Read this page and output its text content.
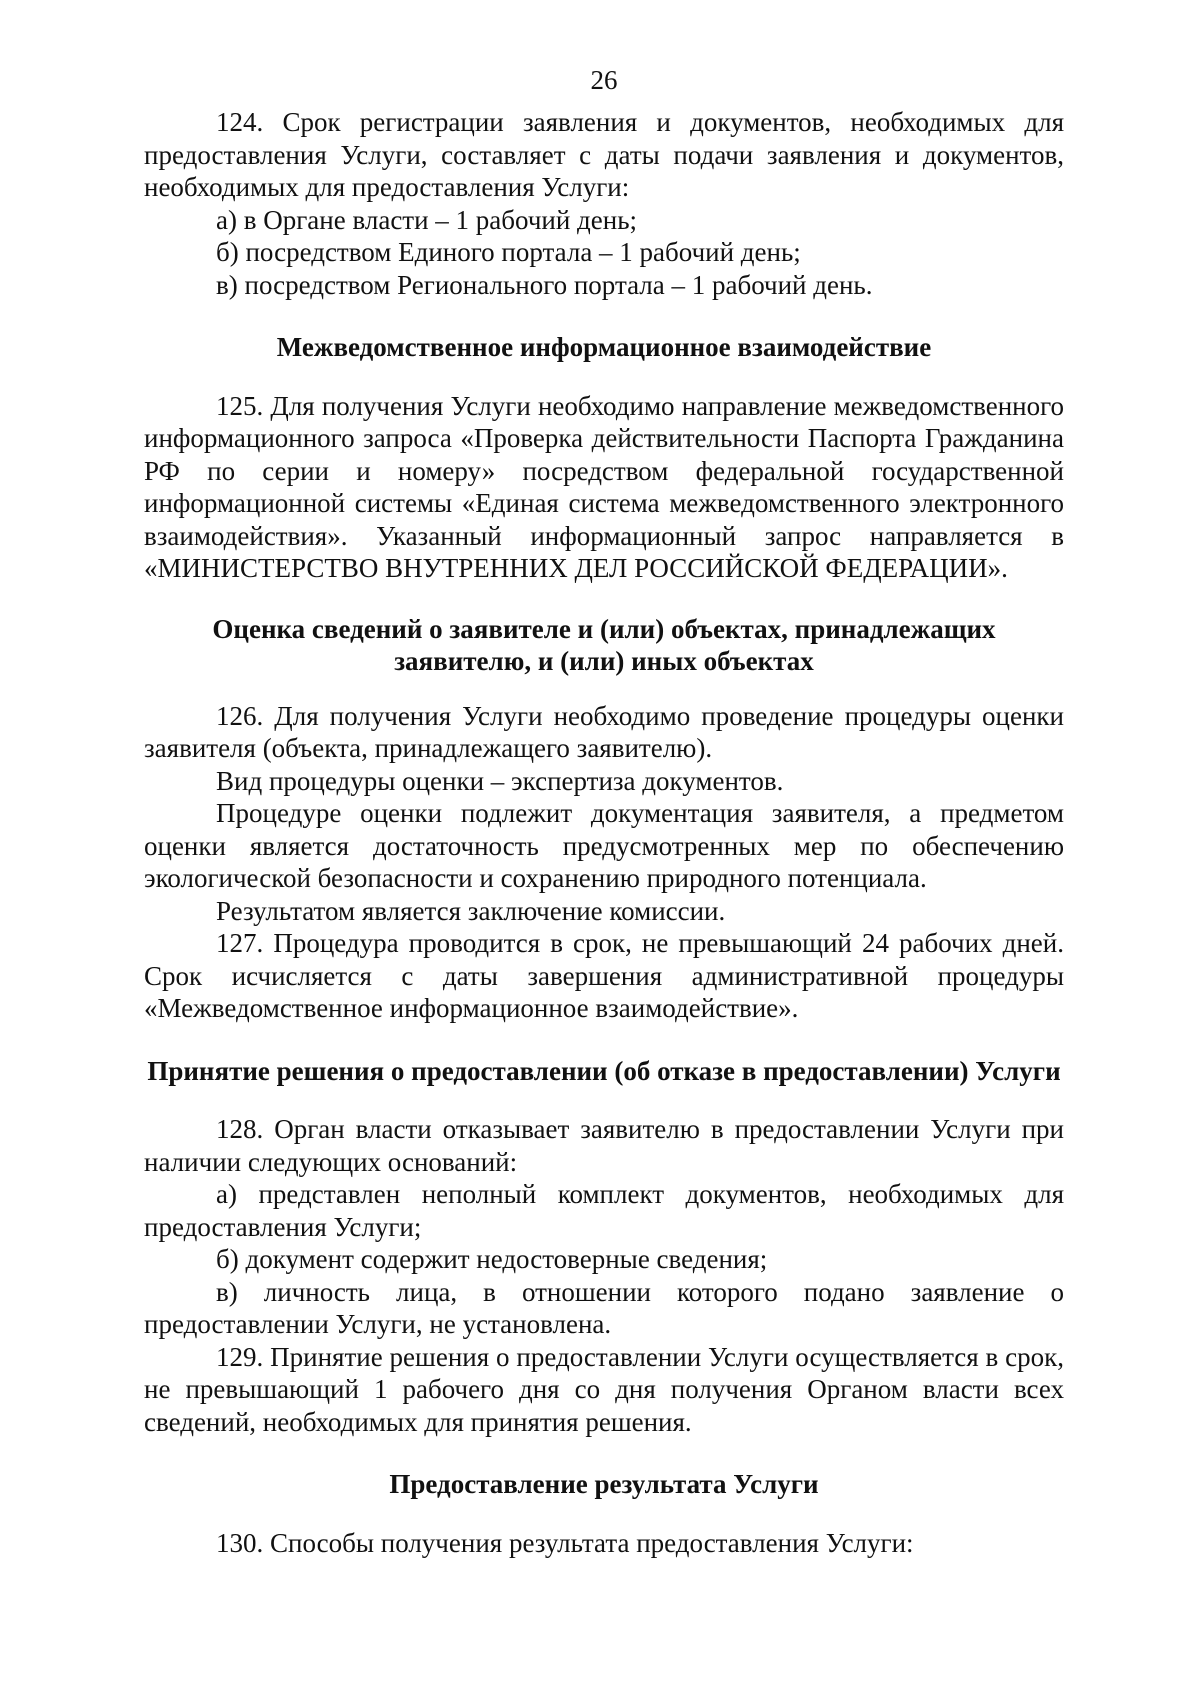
26

124. Срок регистрации заявления и документов, необходимых для предоставления Услуги, составляет с даты подачи заявления и документов, необходимых для предоставления Услуги:

а) в Органе власти – 1 рабочий день;

б) посредством Единого портала – 1 рабочий день;

в) посредством Регионального портала – 1 рабочий день.

Межведомственное информационное взаимодействие

125. Для получения Услуги необходимо направление межведомственного информационного запроса «Проверка действительности Паспорта Гражданина РФ по серии и номеру» посредством федеральной государственной информационной системы «Единая система межведомственного электронного взаимодействия». Указанный информационный запрос направляется в «МИНИСТЕРСТВО ВНУТРЕННИХ ДЕЛ РОССИЙСКОЙ ФЕДЕРАЦИИ».

Оценка сведений о заявителе и (или) объектах, принадлежащих заявителю, и (или) иных объектах

126. Для получения Услуги необходимо проведение процедуры оценки заявителя (объекта, принадлежащего заявителю).

Вид процедуры оценки – экспертиза документов.

Процедуре оценки подлежит документация заявителя, а предметом оценки является достаточность предусмотренных мер по обеспечению экологической безопасности и сохранению природного потенциала.

Результатом является заключение комиссии.

127. Процедура проводится в срок, не превышающий 24 рабочих дней. Срок исчисляется с даты завершения административной процедуры «Межведомственное информационное взаимодействие».

Принятие решения о предоставлении (об отказе в предоставлении) Услуги

128. Орган власти отказывает заявителю в предоставлении Услуги при наличии следующих оснований:

а) представлен неполный комплект документов, необходимых для предоставления Услуги;

б) документ содержит недостоверные сведения;

в) личность лица, в отношении которого подано заявление о предоставлении Услуги, не установлена.

129. Принятие решения о предоставлении Услуги осуществляется в срок, не превышающий 1 рабочего дня со дня получения Органом власти всех сведений, необходимых для принятия решения.

Предоставление результата Услуги

130. Способы получения результата предоставления Услуги:
